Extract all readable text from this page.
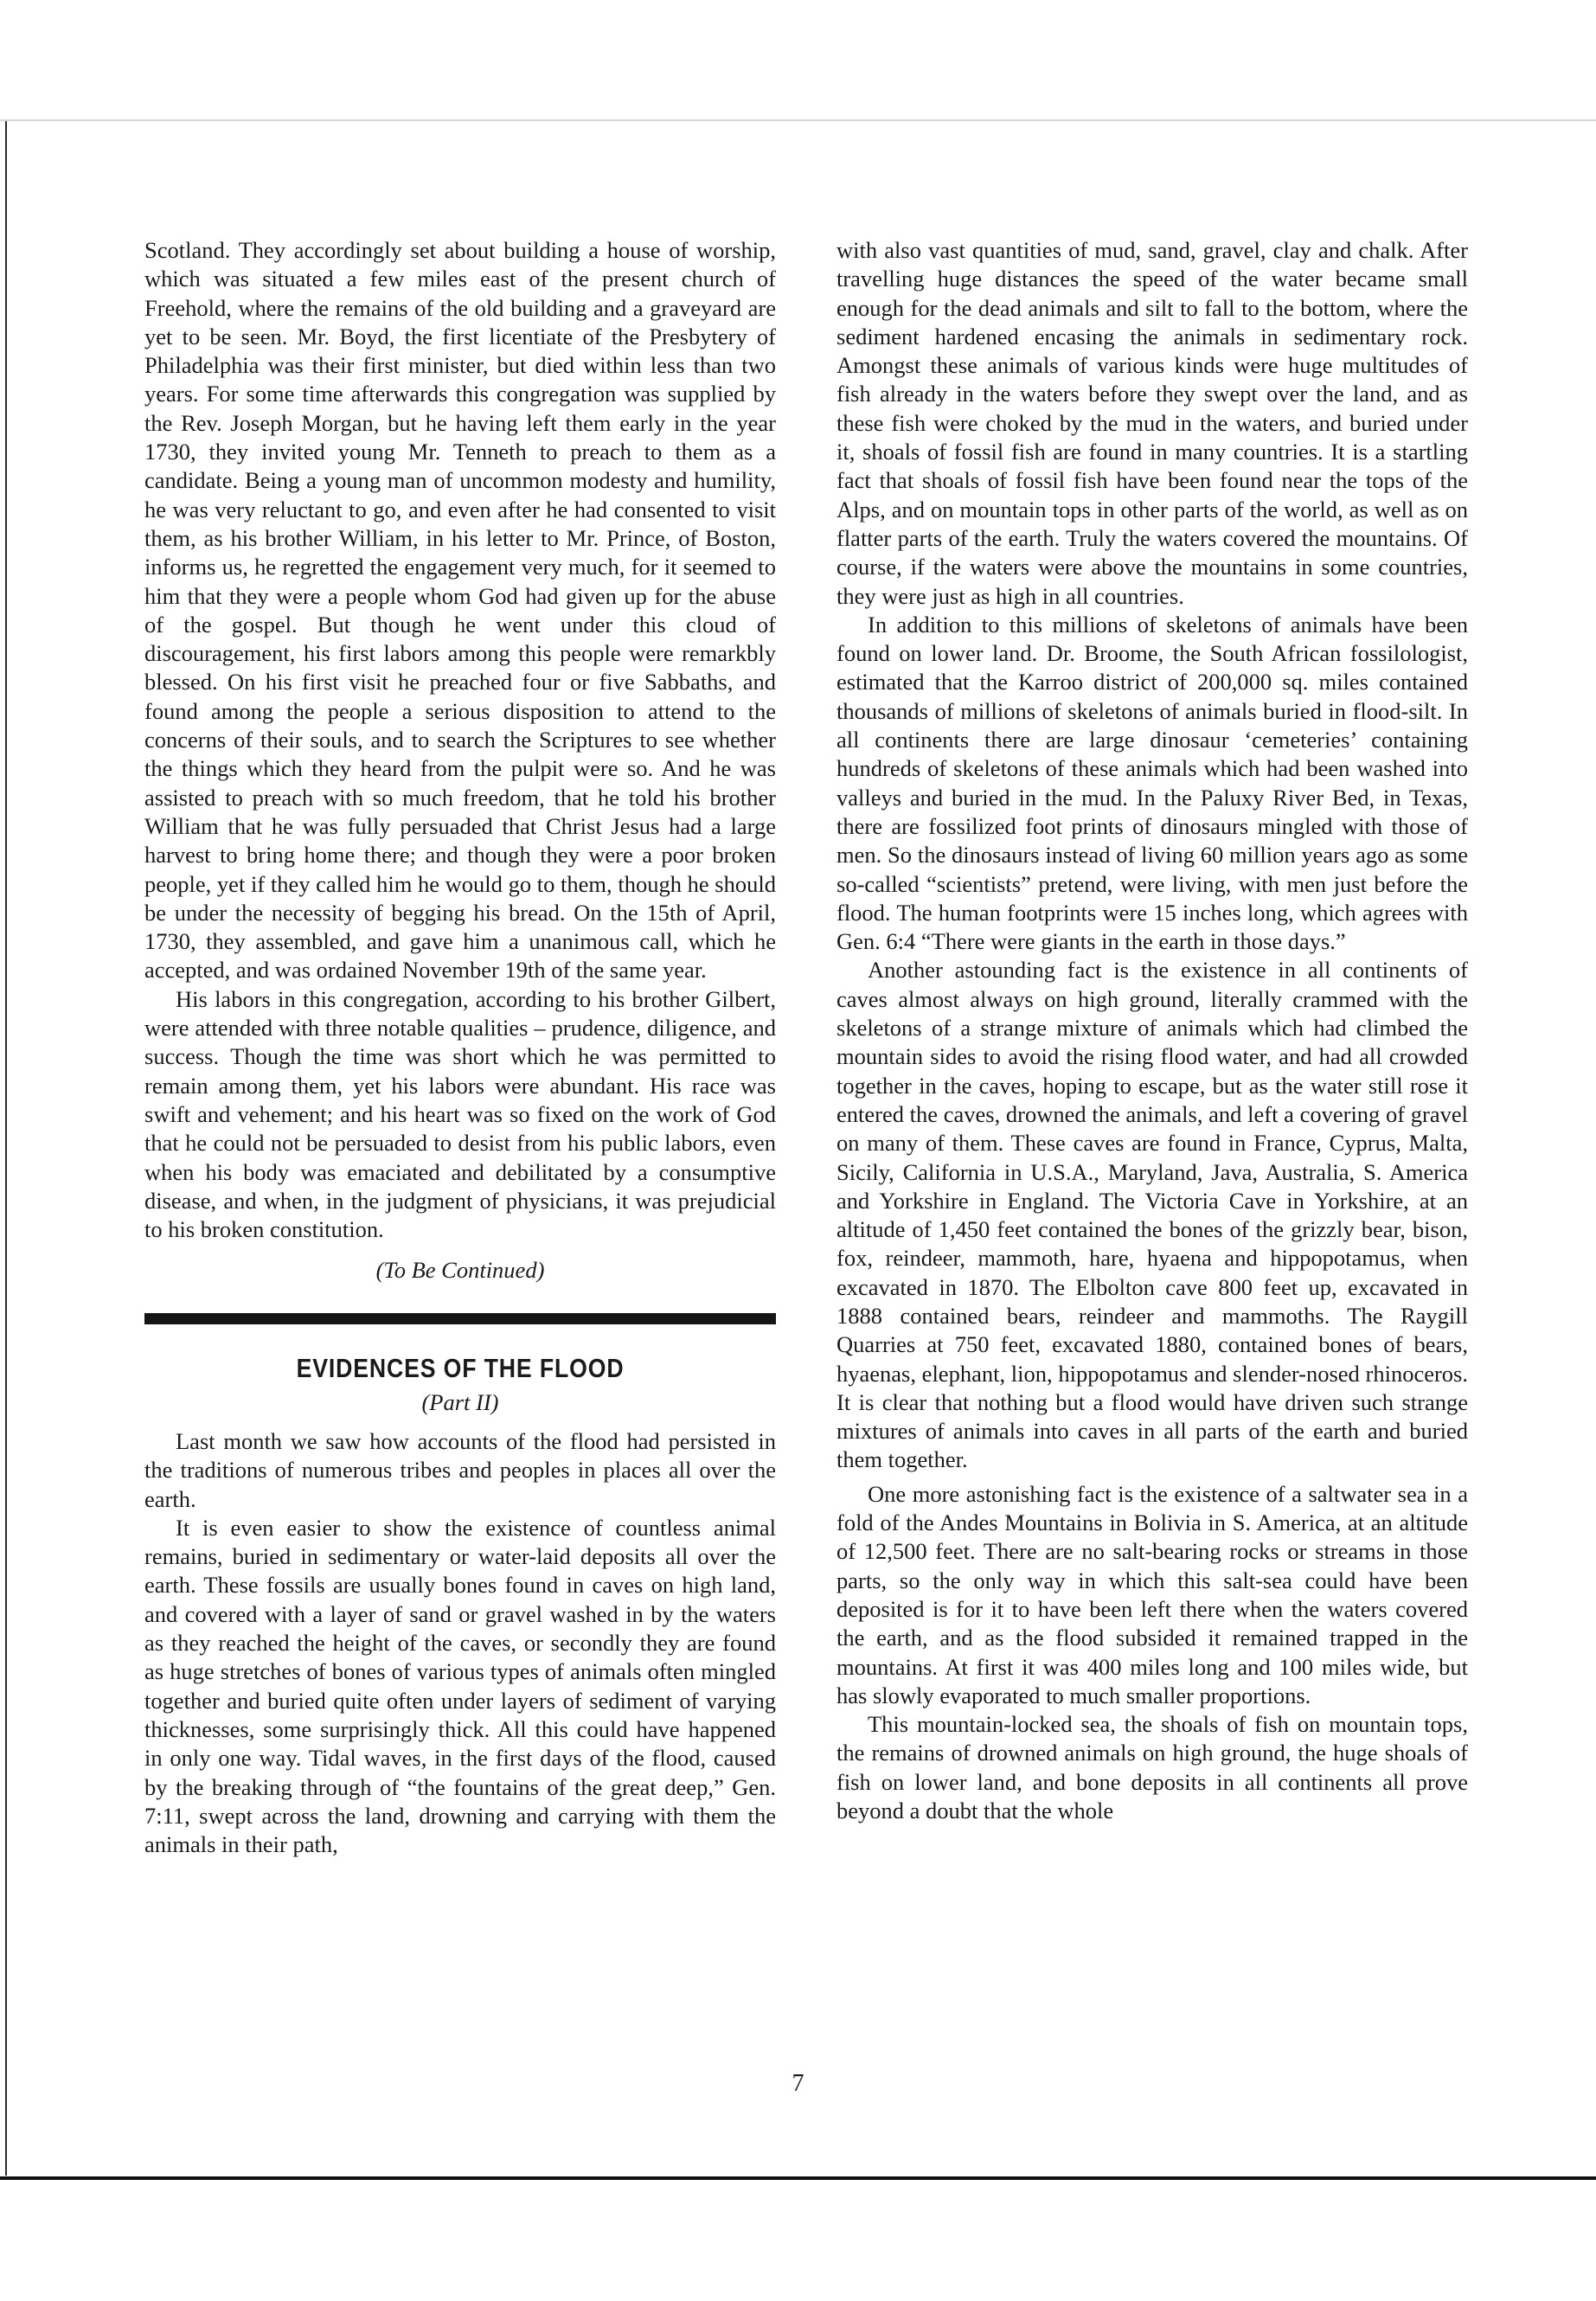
Scotland. They accordingly set about building a house of worship, which was situated a few miles east of the present church of Freehold, where the remains of the old building and a graveyard are yet to be seen. Mr. Boyd, the first licentiate of the Presbytery of Philadelphia was their first minister, but died within less than two years. For some time afterwards this congregation was supplied by the Rev. Joseph Morgan, but he having left them early in the year 1730, they invited young Mr. Tenneth to preach to them as a candidate. Being a young man of uncommon modesty and humility, he was very reluctant to go, and even after he had consented to visit them, as his brother William, in his letter to Mr. Prince, of Boston, informs us, he regretted the engagement very much, for it seemed to him that they were a people whom God had given up for the abuse of the gospel. But though he went under this cloud of discouragement, his first labors among this people were remarkbly blessed. On his first visit he preached four or five Sabbaths, and found among the people a serious disposition to attend to the concerns of their souls, and to search the Scriptures to see whether the things which they heard from the pulpit were so. And he was assisted to preach with so much freedom, that he told his brother William that he was fully persuaded that Christ Jesus had a large harvest to bring home there; and though they were a poor broken people, yet if they called him he would go to them, though he should be under the necessity of begging his bread. On the 15th of April, 1730, they assembled, and gave him a unanimous call, which he accepted, and was ordained November 19th of the same year.

His labors in this congregation, according to his brother Gilbert, were attended with three notable qualities – prudence, diligence, and success. Though the time was short which he was permitted to remain among them, yet his labors were abundant. His race was swift and vehement; and his heart was so fixed on the work of God that he could not be persuaded to desist from his public labors, even when his body was emaciated and debilitated by a consumptive disease, and when, in the judgment of physicians, it was prejudicial to his broken constitution.

(To Be Continued)
EVIDENCES OF THE FLOOD
(Part II)

Last month we saw how accounts of the flood had persisted in the traditions of numerous tribes and peoples in places all over the earth.

It is even easier to show the existence of countless animal remains, buried in sedimentary or water-laid deposits all over the earth. These fossils are usually bones found in caves on high land, and covered with a layer of sand or gravel washed in by the waters as they reached the height of the caves, or secondly they are found as huge stretches of bones of various types of animals often mingled together and buried quite often under layers of sediment of varying thicknesses, some surprisingly thick. All this could have happened in only one way. Tidal waves, in the first days of the flood, caused by the breaking through of “the fountains of the great deep,” Gen. 7:11, swept across the land, drowning and carrying with them the animals in their path,

with also vast quantities of mud, sand, gravel, clay and chalk. After travelling huge distances the speed of the water became small enough for the dead animals and silt to fall to the bottom, where the sediment hardened encasing the animals in sedimentary rock. Amongst these animals of various kinds were huge multitudes of fish already in the waters before they swept over the land, and as these fish were choked by the mud in the waters, and buried under it, shoals of fossil fish are found in many countries. It is a startling fact that shoals of fossil fish have been found near the tops of the Alps, and on mountain tops in other parts of the world, as well as on flatter parts of the earth. Truly the waters covered the mountains. Of course, if the waters were above the mountains in some countries, they were just as high in all countries.

In addition to this millions of skeletons of animals have been found on lower land. Dr. Broome, the South African fossilologist, estimated that the Karroo district of 200,000 sq. miles contained thousands of millions of skeletons of animals buried in flood-silt. In all continents there are large dinosaur ‘cemeteries’ containing hundreds of skeletons of these animals which had been washed into valleys and buried in the mud. In the Paluxy River Bed, in Texas, there are fossilized foot prints of dinosaurs mingled with those of men. So the dinosaurs instead of living 60 million years ago as some so-called “scientists” pretend, were living, with men just before the flood. The human footprints were 15 inches long, which agrees with Gen. 6:4 “There were giants in the earth in those days.”

Another astounding fact is the existence in all continents of caves almost always on high ground, literally crammed with the skeletons of a strange mixture of animals which had climbed the mountain sides to avoid the rising flood water, and had all crowded together in the caves, hoping to escape, but as the water still rose it entered the caves, drowned the animals, and left a covering of gravel on many of them. These caves are found in France, Cyprus, Malta, Sicily, California in U.S.A., Maryland, Java, Australia, S. America and Yorkshire in England. The Victoria Cave in Yorkshire, at an altitude of 1,450 feet contained the bones of the grizzly bear, bison, fox, reindeer, mammoth, hare, hyaena and hippopotamus, when excavated in 1870. The Elbolton cave 800 feet up, excavated in 1888 contained bears, reindeer and mammoths. The Raygill Quarries at 750 feet, excavated 1880, contained bones of bears, hyaenas, elephant, lion, hippopotamus and slender-nosed rhinoceros. It is clear that nothing but a flood would have driven such strange mixtures of animals into caves in all parts of the earth and buried them together.

One more astonishing fact is the existence of a saltwater sea in a fold of the Andes Mountains in Bolivia in S. America, at an altitude of 12,500 feet. There are no salt-bearing rocks or streams in those parts, so the only way in which this salt-sea could have been deposited is for it to have been left there when the waters covered the earth, and as the flood subsided it remained trapped in the mountains. At first it was 400 miles long and 100 miles wide, but has slowly evaporated to much smaller proportions.

This mountain-locked sea, the shoals of fish on mountain tops, the remains of drowned animals on high ground, the huge shoals of fish on lower land, and bone deposits in all continents all prove beyond a doubt that the whole

7
